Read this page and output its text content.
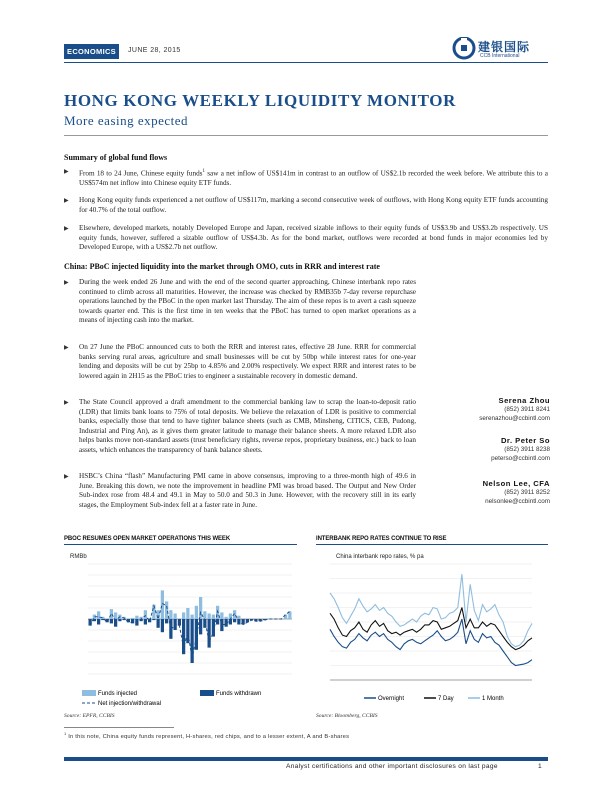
ECONOMICS	JUNE 28, 2015	建银国际
CCB International
HONG KONG WEEKLY LIQUIDITY MONITOR
More easing expected
Summary of global fund flows
▶ From 18 to 24 June, Chinese equity funds$^1$ saw a net inflow of US$141m in contrast to an outflow of US$2.1b recorded the week before. We attribute this to a US$574m net inflow into Chinese equity ETF funds.
▶ Hong Kong equity funds experienced a net outflow of US$117m, marking a second consecutive week of outflows, with Hong Kong equity ETF funds accounting for 40.7% of the total outflow.
▶ Elsewhere, developed markets, notably Developed Europe and Japan, received sizable inflows to their equity funds of US$3.9b and US$3.2b respectively. US equity funds, however, suffered a sizable outflow of US$4.3b. As for the bond market, outflows were recorded at bond funds in major economies led by Developed Europe, with a US$2.7b net outflow.
China: PBoC injected liquidity into the market through OMO, cuts in RRR and interest rate
▶ During the week ended 26 June and with the end of the second quarter approaching, Chinese interbank repo rates continued to climb across all maturities. However, the increase was checked by RMB35b 7-day reverse repurchase operations launched by the PBoC in the open market last Thursday. The aim of these repos is to avert a cash squeeze towards quarter end. This is the first time in ten weeks that the PBoC has turned to open market operations as a means of injecting cash into the market.
▶ On 27 June the PBoC announced cuts to both the RRR and interest rates, effective 28 June. RRR for commercial banks serving rural areas, agriculture and small businesses will be cut by 50bp while interest rates for one-year lending and deposits will be cut by 25bp to 4.85% and 2.00% respectively. We expect RRR and interest rates to be lowered again in 2H15 as the PBoC tries to engineer a sustainable recovery in domestic demand.
▶ The State Council approved a draft amendment to the commercial banking law to scrap the loan-to-deposit ratio (LDR) that limits bank loans to 75% of total deposits. We believe the relaxation of LDR is positive to commercial banks, especially those that tend to have tighter balance sheets (such as CMB, Minsheng, CITICS, CEB, Pudong, Industrial and Ping An), as it gives them greater latitude to manage their balance sheets. A more relaxed LDR also helps banks move non-standard assets (trust beneficiary rights, reverse repos, proprietary business, etc.) back to loan assets, which enhances the transparency of bank balance sheets.
▶ HSBC’s China “flash” Manufacturing PMI came in above consensus, improving to a three-month high of 49.6 in June. Breaking this down, we note the improvement in headline PMI was broad based. The Output and New Order Sub-index rose from 48.4 and 49.1 in May to 50.0 and 50.3 in June. However, with the recovery still in its early stages, the Employment Sub-index fell at a faster rate in June.
Serena Zhou
(852) 3911 8241
serenazhou@ccbintl.com
Dr. Peter So
(852) 3911 8238
peterso@ccbintl.com
Nelson Lee, CFA
(852) 3911 8252
nelsonlee@ccbintl.com
PBOC RESUMES OPEN MARKET OPERATIONS THIS WEEK
RMBb
Funds injected	Funds withdrawn
Net injection/withdrawal
Source: EPFR, CCBIS
INTERBANK REPO RATES CONTINUE TO RISE
China interbank repo rates, % pa
Overnight	7 Day	1 Month
Source: Bloomberg, CCBIS
$^1$ In this note, China equity funds represent, H-shares, red chips, and to a lesser extent, A and B-shares
Analyst certifications and other important disclosures on last page	1
